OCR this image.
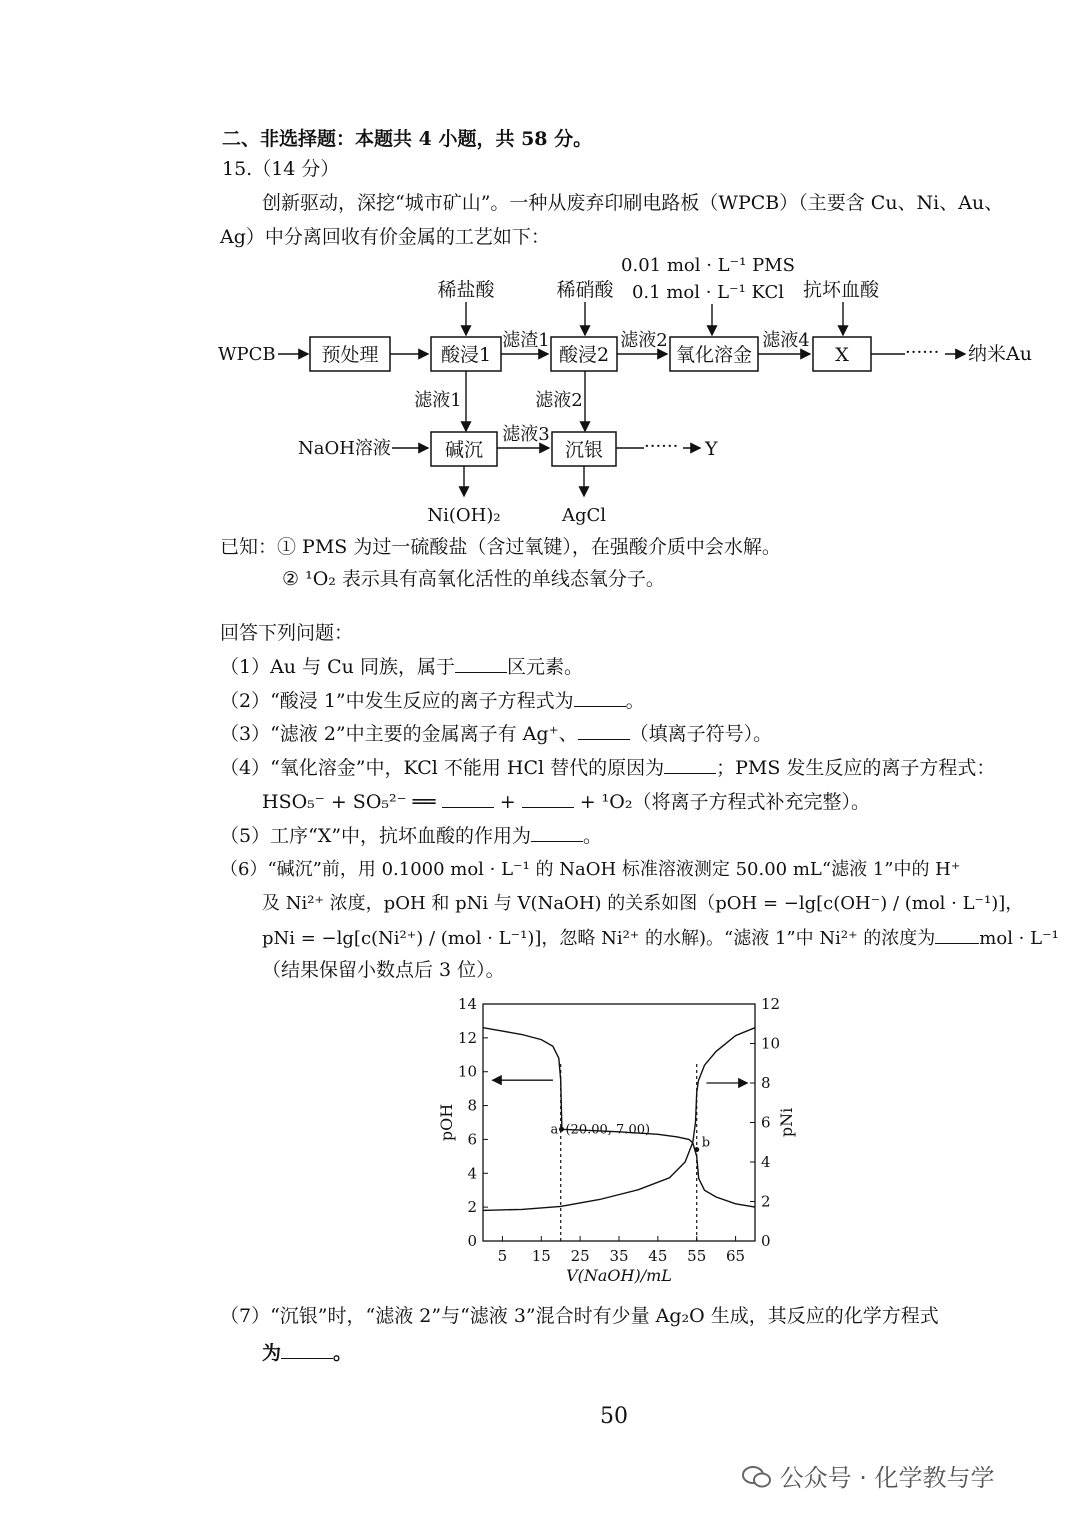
二、非选择题：本题共 4 小题，共 58 分。
15.（14 分）
创新驱动，深挖“城市矿山”。一种从废弃印刷电路板（WPCB）（主要含 Cu、Ni、Au、
Ag）中分离回收有价金属的工艺如下：
稀盐酸	稀硝酸
0.01 mol · L⁻¹ PMS
0.1 mol · L⁻¹ KCl 抗坏血酸
WPCB 预处理	酸浸1
滤渣1
酸浸2
滤液2
氧化溶金
滤液4
X	······ 纳米Au
滤液1	滤液2
NaOH溶液	碱沉
滤液3
沉银 ······ Y
Ni(OH)₂	AgCl
已知：① PMS 为过一硫酸盐（含过氧键），在强酸介质中会水解。
② ¹O₂ 表示具有高氧化活性的单线态氧分子。
回答下列问题：
（1）Au 与 Cu 同族，属于	区元素。
（2）“酸浸 1”中发生反应的离子方程式为	。
（3）“滤液 2”中主要的金属离子有 Ag⁺、	（填离子符号）。
（4）“氧化溶金”中，KCl 不能用 HCl 替代的原因为	；PMS 发生反应的离子方程式：
HSO₅⁻ + SO₅²⁻ ══	+	+ ¹O₂（将离子方程式补充完整）。
（5）工序“X”中，抗坏血酸的作用为	。
（6）“碱沉”前，用 0.1000 mol · L⁻¹ 的 NaOH 标准溶液测定 50.00 mL“滤液 1”中的 H⁺
及 Ni²⁺ 浓度，pOH 和 pNi 与 V(NaOH) 的关系如图（pOH = −lg[c(OH⁻) / (mol · L⁻¹)]，
pNi = −lg[c(Ni²⁺) / (mol · L⁻¹)]，忽略 Ni²⁺ 的水解)。“滤液 1”中 Ni²⁺ 的浓度为 mol · L⁻¹
（结果保留小数点后 3 位）。
5 15 25 35 45 55 65
0
2
4
6
8
10
12
14
0
2
4
6
8
10
12
V(NaOH)/mL
pOH	pNi
a (20.00, 7.00)
b
（7）“沉银”时，“滤液 2”与“滤液 3”混合时有少量 Ag₂O 生成，其反应的化学方程式
为	。
50
公众号 · 化学教与学
